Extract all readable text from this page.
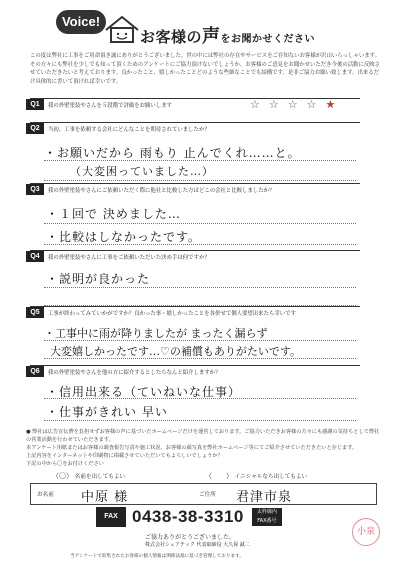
Voice!
お客様の声をお聞かせください
この度は弊社に工事をご用命頂き誠にありがとうございました。世の中には弊社の存在やサービスをご存知ないお客様が沢山いらっしゃいます。その方々にも弊社を少しでも知って頂くためのアンケートにご協力頂けないでしょうか。お客様のご意見をお聞かせいただき今後の活動に反映させていただきたいと考えております。良かったこと、嬉しかったことどのような些細なことでも結構です。是非ご協力お願い致します。出来るだけ具体的に書いて頂ければ幸いです。
Q1	我の外壁塗装やさんを５段階で評価をお願いします	☆☆☆☆★
Q2	当初、工事を依頼する会社にどんなことを期待されていましたか？
・お願いだから 雨もり 止んでくれ……と。
（大変困っていました…）
Q3	我の外壁塗装やさんにご依頼いただく際に他社と比較した方はどこの会社と比較しましたか？
・１回で 決めました…
・比較はしなかったです。
Q4	我の外壁塗装やさんに工事をご依頼いただいた決め手は何ですか？
・説明が良かった
Q5	工事が終わってみていかがですか？良かった事・嬉しかったことを各併せて個人要望出来たら幸いです
・工事中に雨が降りましたが まったく漏らず
大変嬉しかったです…♡の補償もありがたいです。
Q6	我の外壁塗装やさんを他の方に紹介するとしたらなんと紹介しますか？
・信用出来る（ていねいな仕事）
・仕事がきれい 早い
● 弊社は広告宣伝費を負担せずお客様の声に基づいたホームページだけを運営しております。ご協力いただきお客様の方々にも感謝の気持ちとして弊社の営業活動を行わせていただきます。
本アンケート用紙またはお客様の調査報告写真や施工状況、お客様の顔写真を弊社ホームページ等にてご紹介させていただきたいと存じます。
上記内容をインターネットや印刷物に掲載させていただいてもよろしいでしょうか？
下記の中から〇をお付けください
（〇） 名前を出してもよい	（　　） イニシャルなら出してもよい
お名前 中原 様	ご住所 君津市泉
FAX 0438-38-3310	太枠線内 FAX番号
ご協力ありがとうございました。
株式会社シェアテック 代表取締役 大久保 誠二
当アンケートで収集されたお客様の個人情報は関係法規に基づき管理しております。
小泉
